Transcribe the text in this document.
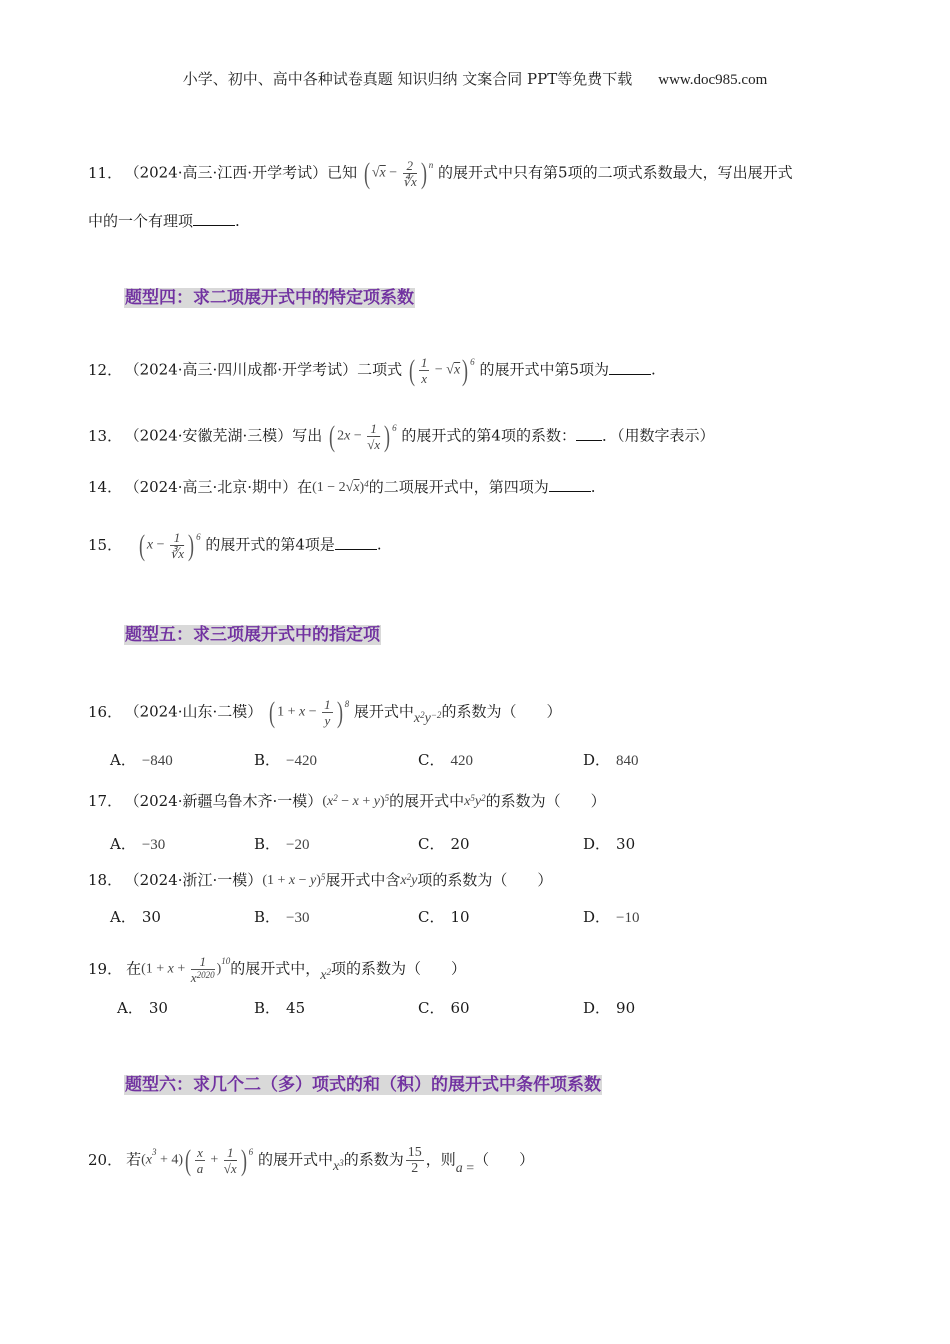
小学、初中、高中各种试卷真题 知识归纳 文案合同 PPT等免费下载 www.doc985.com
11． （2024·高三·江西·开学考试）已知 ( $√x - \frac{2}{∜\overline{x}}$ ) $^n$ 的展开式中只有第5项的二项式系数最大，写出展开式
中的一个有理项	.
题型四：求二项展开式中的特定项系数
12． （2024·高三·四川成都·开学考试）二项式 ( $\frac{1}{x} - √x$) $^6$ 的展开式中第5项为	.
13． （2024·安徽芜湖·三模）写出 ( $2x - \frac{1}{√x}$ ) $^6$ 的展开式的第4项的系数： ．（用数字表示）
14． （2024·高三·北京·期中）在$(1 - 2√x)^4$的二项展开式中，第四项为	.
15． ( $x - \frac{1}{∛\overline{x}}$ ) $^6$ 的展开式的第4项是	.
题型五：求三项展开式中的指定项
16． （2024·山东·二模） ( $1 + x - \frac{1}{y}$ ) $^8$ 展开式中$x^2y^{-2}$的系数为（　　）
A． −840	B． −420	C． 420	D． 840
17． （2024·新疆乌鲁木齐·一模）$(x^2 - x + y)^5$的展开式中$x^5y^2$的系数为（　　）
A． −30	B． −20	C． 20	D． 30
18． （2024·浙江·一模）$(1 + x - y)^5$展开式中含$x^2y$项的系数为（　　）
A． 30	B． −30	C． 10	D． −10
19． 在$(1 + x + \frac{1}{x^{2020}} )^{10}$的展开式中，$x^2$项的系数为（　　）
A． 30	B． 45	C． 60	D． 90
题型六：求几个二（多）项式的和（积）的展开式中条件项系数
20． 若$(x^3 + 4)( \frac{x}{a} + \frac{1}{√x}$ ) $^6$ 的展开式中$x^3$的系数为 $\frac{15}{2}$ ，则a =（　　）
